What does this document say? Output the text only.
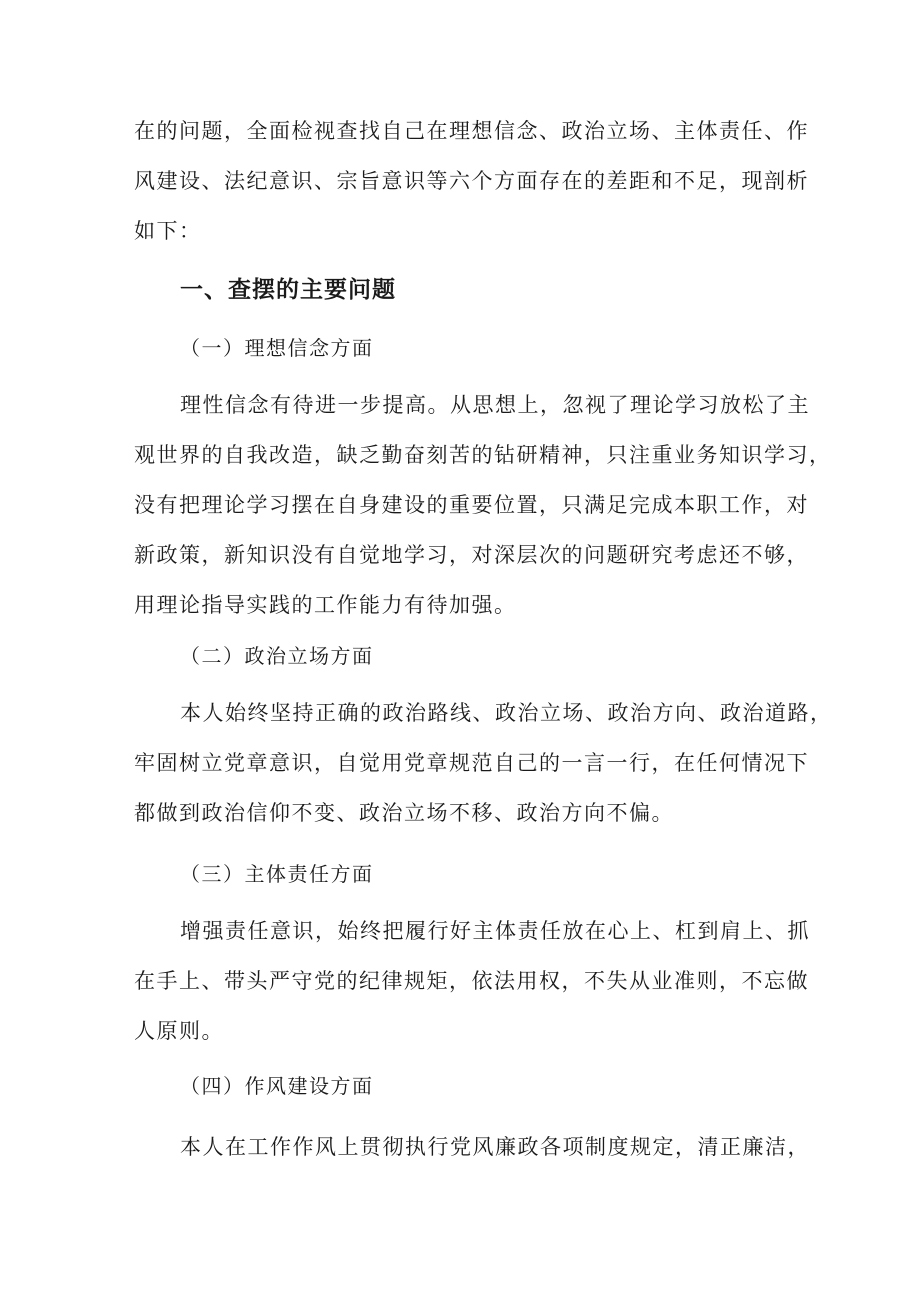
在的问题，全面检视查找自己在理想信念、政治立场、主体责任、作
风建设、法纪意识、宗旨意识等六个方面存在的差距和不足，现剖析
如下：
一、查摆的主要问题
（一）理想信念方面
理性信念有待进一步提高。从思想上，忽视了理论学习放松了主
观世界的自我改造，缺乏勤奋刻苦的钻研精神，只注重业务知识学习，
没有把理论学习摆在自身建设的重要位置，只满足完成本职工作，对
新政策，新知识没有自觉地学习，对深层次的问题研究考虑还不够，
用理论指导实践的工作能力有待加强。
（二）政治立场方面
本人始终坚持正确的政治路线、政治立场、政治方向、政治道路，
牢固树立党章意识，自觉用党章规范自己的一言一行，在任何情况下
都做到政治信仰不变、政治立场不移、政治方向不偏。
（三）主体责任方面
增强责任意识，始终把履行好主体责任放在心上、杠到肩上、抓
在手上、带头严守党的纪律规矩，依法用权，不失从业准则，不忘做
人原则。
（四）作风建设方面
本人在工作作风上贯彻执行党风廉政各项制度规定，清正廉洁，
